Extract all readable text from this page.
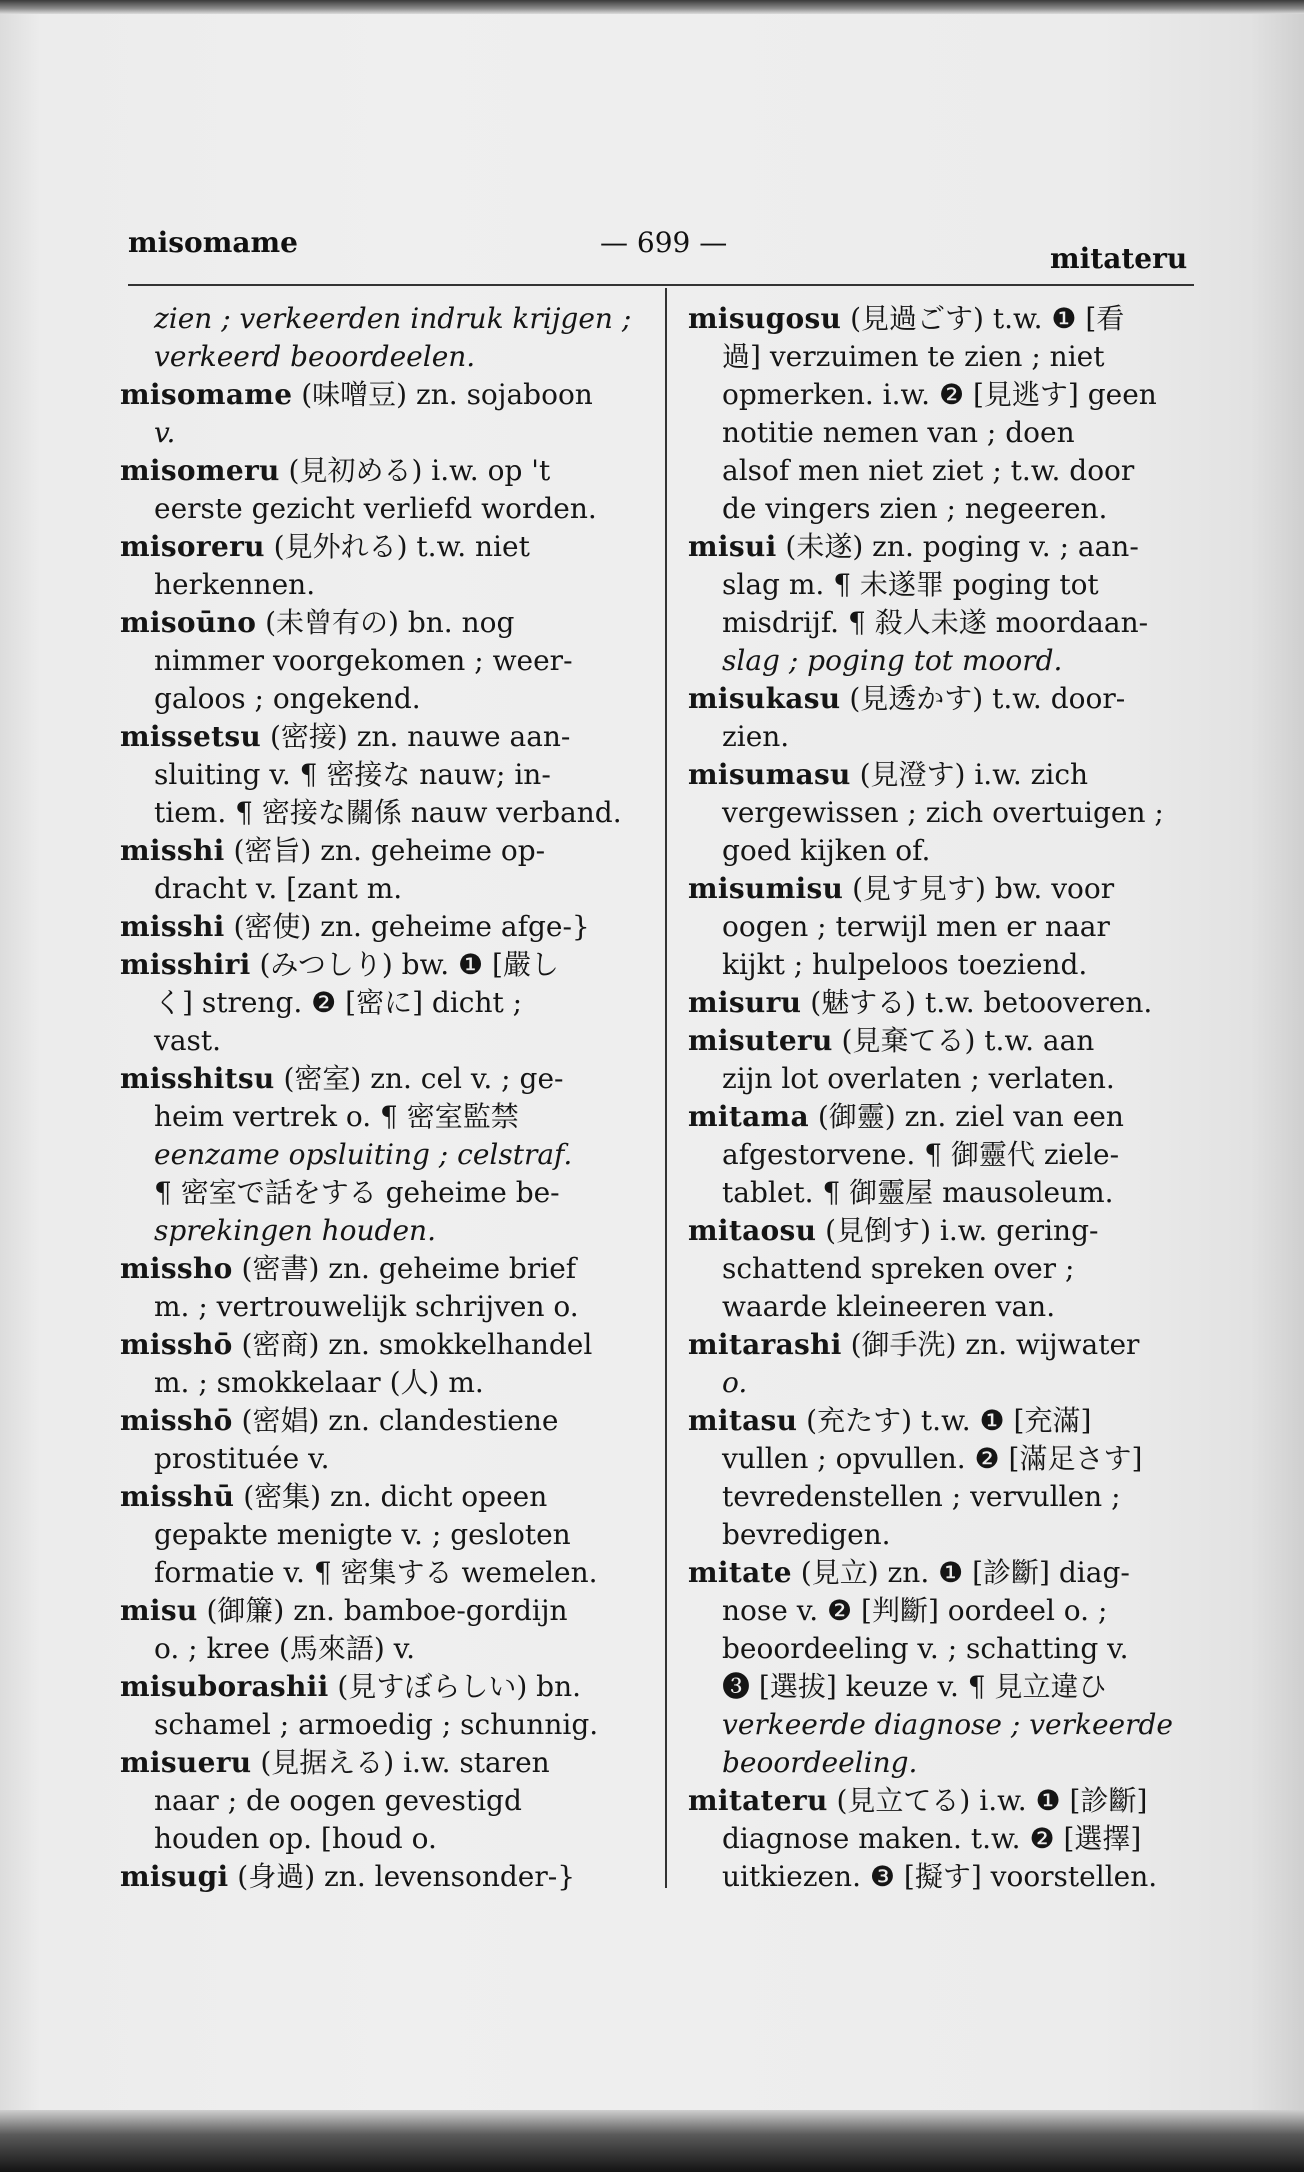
misomame	— 699 —	mitateru
zien ; verkeerden indruk krijgen ;
verkeerd beoordeelen.
misomame (味噌豆) zn. sojaboon
v.
misomeru (見初める) i.w. op 't
eerste gezicht verliefd worden.
misoreru (見外れる) t.w. niet
herkennen.
misoūno (未曾有の) bn. nog
nimmer voorgekomen ; weer-
galoos ; ongekend.
missetsu (密接) zn. nauwe aan-
sluiting v. ¶ 密接な nauw; in-
tiem. ¶ 密接な關係 nauw verband.
misshi (密旨) zn. geheime op-
dracht v. [zant m.
misshi (密使) zn. geheime afge-}
misshiri (みつしり) bw. ❶ [嚴し
く] streng. ❷ [密に] dicht ;
vast.
misshitsu (密室) zn. cel v. ; ge-
heim vertrek o. ¶ 密室監禁
eenzame opsluiting ; celstraf.
¶ 密室で話をする geheime be-
sprekingen houden.
missho (密書) zn. geheime brief
m. ; vertrouwelijk schrijven o.
misshō (密商) zn. smokkelhandel
m. ; smokkelaar (人) m.
misshō (密娼) zn. clandestiene
prostituée v.
misshū (密集) zn. dicht opeen
gepakte menigte v. ; gesloten
formatie v. ¶ 密集する wemelen.
misu (御簾) zn. bamboe-gordijn
o. ; kree (馬來語) v.
misuborashii (見すぼらしい) bn.
schamel ; armoedig ; schunnig.
misueru (見据える) i.w. staren
naar ; de oogen gevestigd
houden op. [houd o.
misugi (身過) zn. levensonder-}
misugosu (見過ごす) t.w. ❶ [看
過] verzuimen te zien ; niet
opmerken. i.w. ❷ [見逃す] geen
notitie nemen van ; doen
alsof men niet ziet ; t.w. door
de vingers zien ; negeeren.
misui (未遂) zn. poging v. ; aan-
slag m. ¶ 未遂罪 poging tot
misdrijf. ¶ 殺人未遂 moordaan-
slag ; poging tot moord.
misukasu (見透かす) t.w. door-
zien.
misumasu (見澄す) i.w. zich
vergewissen ; zich overtuigen ;
goed kijken of.
misumisu (見す見す) bw. voor
oogen ; terwijl men er naar
kijkt ; hulpeloos toeziend.
misuru (魅する) t.w. betooveren.
misuteru (見棄てる) t.w. aan
zijn lot overlaten ; verlaten.
mitama (御靈) zn. ziel van een
afgestorvene. ¶ 御靈代 ziele-
tablet. ¶ 御靈屋 mausoleum.
mitaosu (見倒す) i.w. gering-
schattend spreken over ;
waarde kleineeren van.
mitarashi (御手洗) zn. wijwater
o.
mitasu (充たす) t.w. ❶ [充滿]
vullen ; opvullen. ❷ [滿足さす]
tevredenstellen ; vervullen ;
bevredigen.
mitate (見立) zn. ❶ [診斷] diag-
nose v. ❷ [判斷] oordeel o. ;
beoordeeling v. ; schatting v.
❸ [選拔] keuze v. ¶ 見立違ひ
verkeerde diagnose ; verkeerde
beoordeeling.
mitateru (見立てる) i.w. ❶ [診斷]
diagnose maken. t.w. ❷ [選擇]
uitkiezen. ❸ [擬す] voorstellen.
